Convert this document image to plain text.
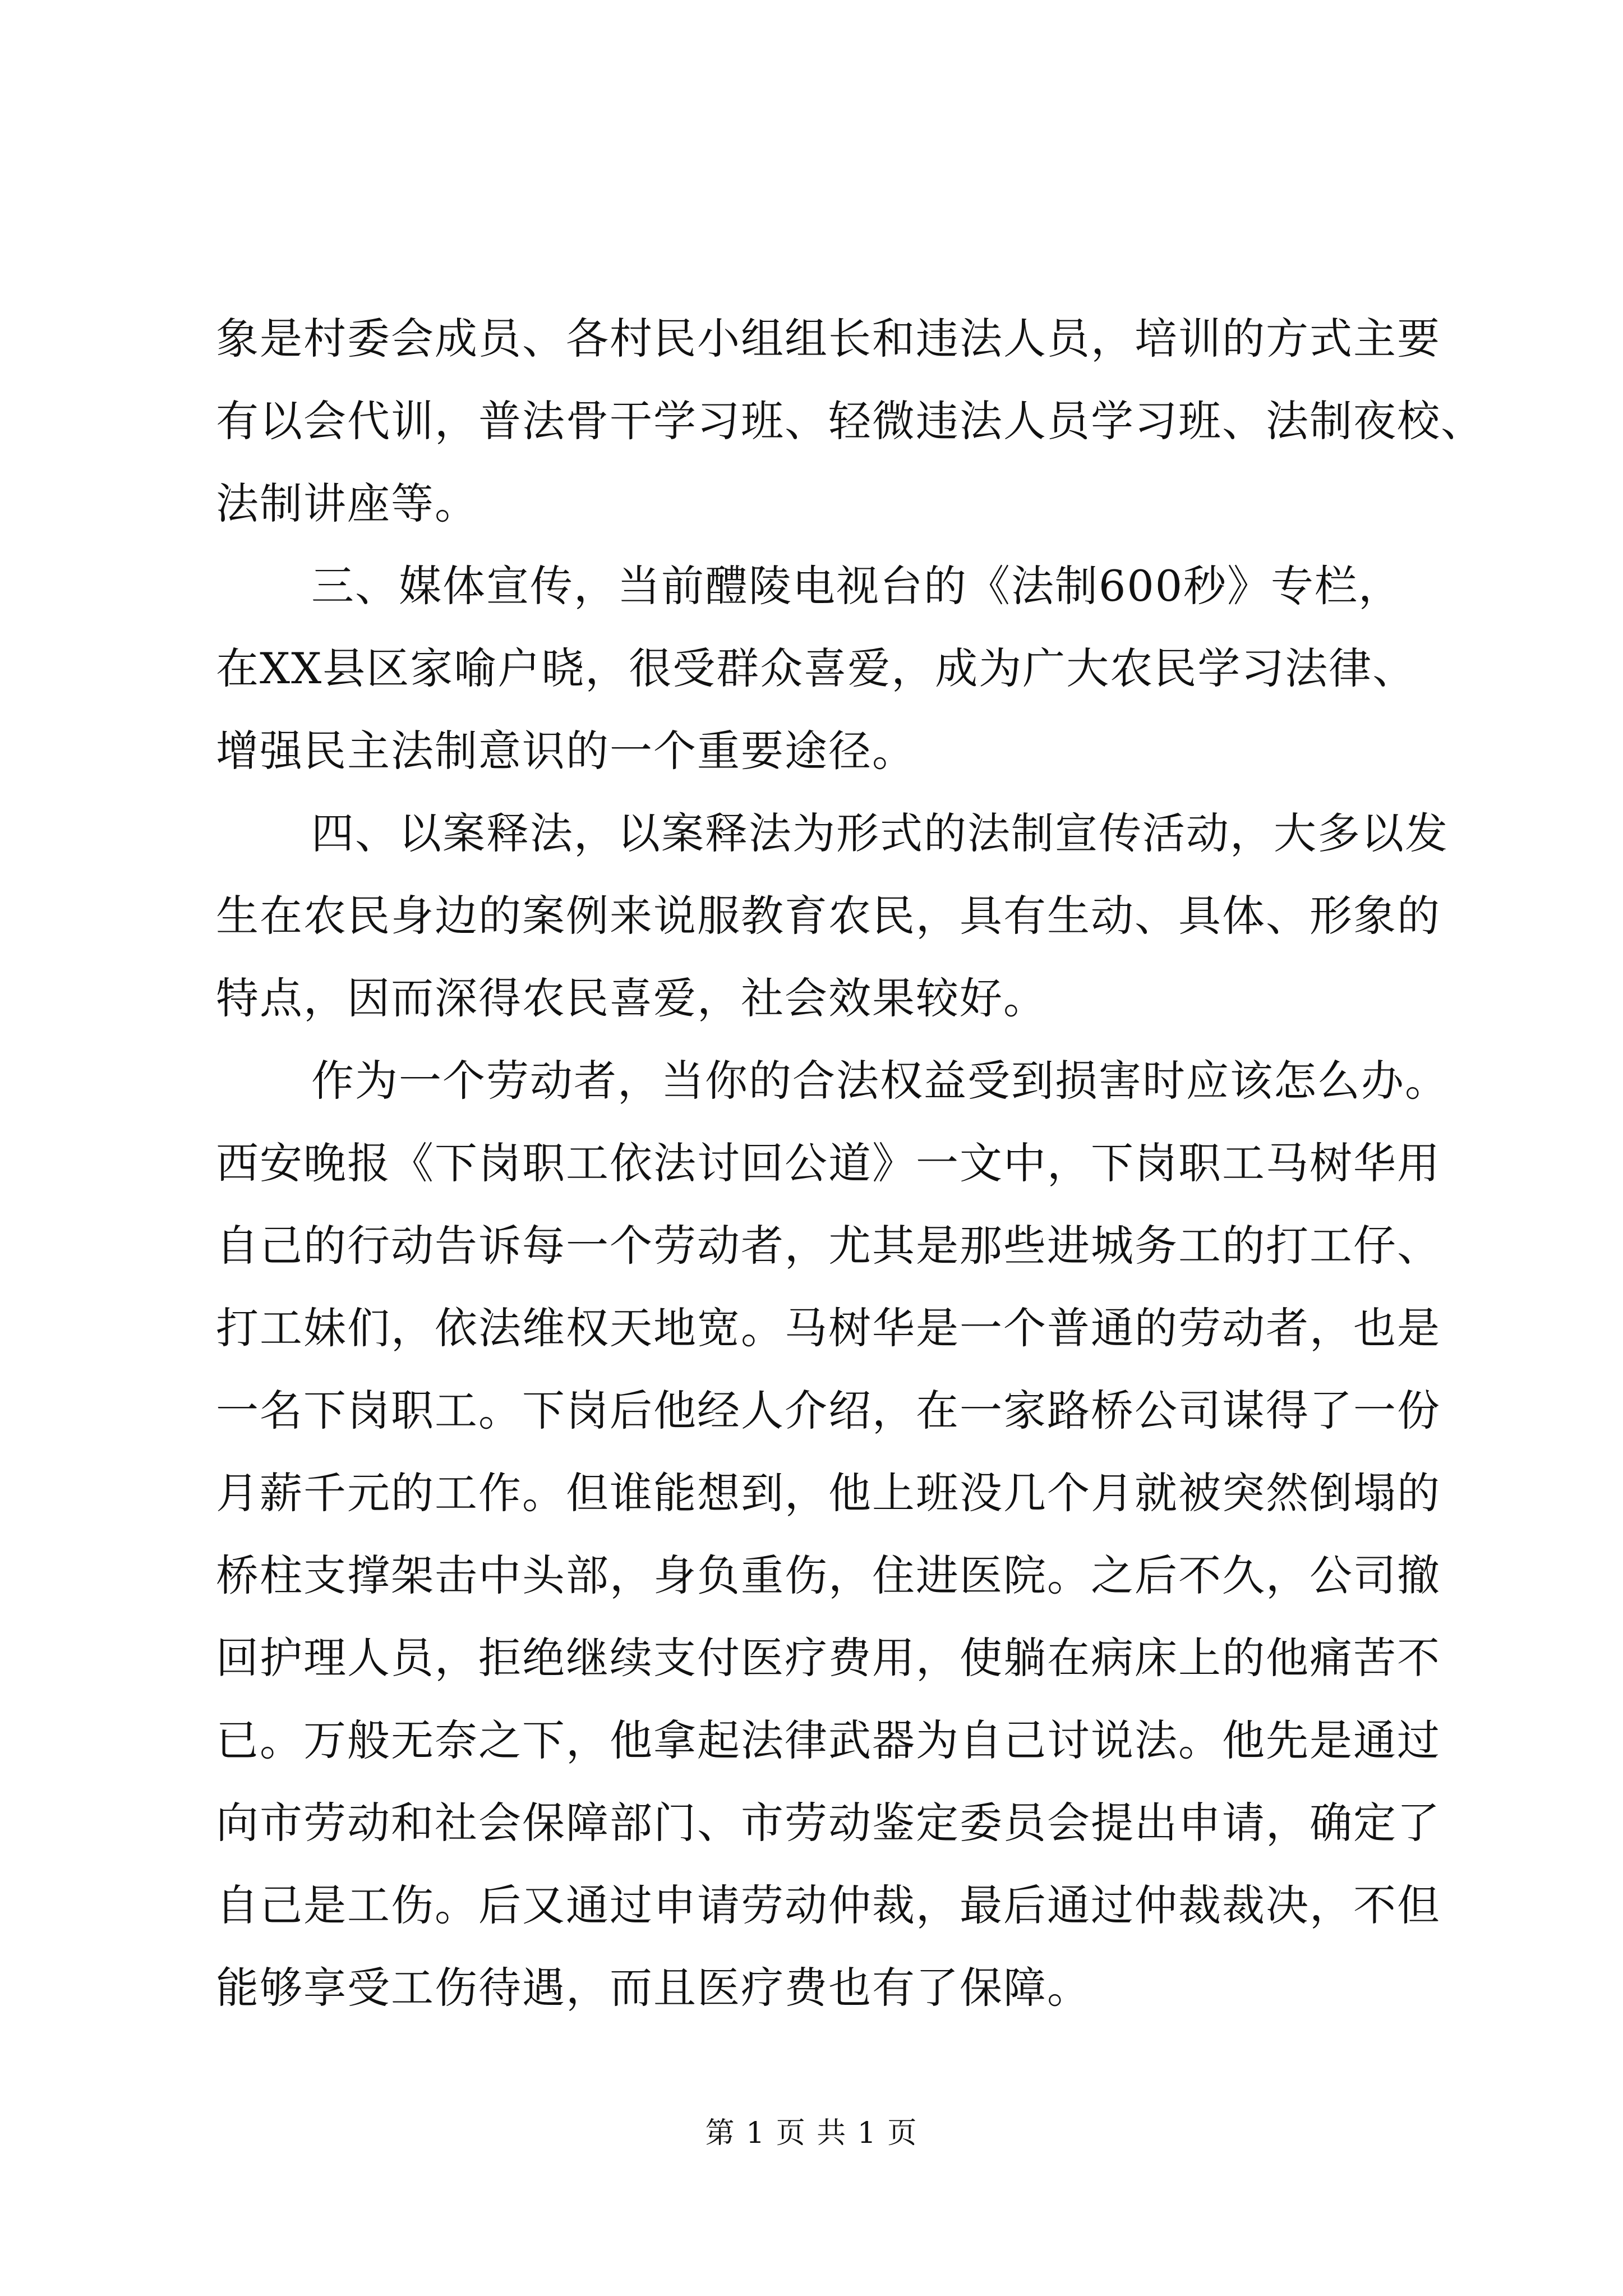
象是村委会成员、各村民小组组长和违法人员，培训的方式主要
有以会代训，普法骨干学习班、轻微违法人员学习班、法制夜校、
法制讲座等。
三、媒体宣传，当前醴陵电视台的《法制600秒》专栏，
在XX县区家喻户晓，很受群众喜爱，成为广大农民学习法律、
增强民主法制意识的一个重要途径。
四、以案释法，以案释法为形式的法制宣传活动，大多以发
生在农民身边的案例来说服教育农民，具有生动、具体、形象的
特点，因而深得农民喜爱，社会效果较好。
作为一个劳动者，当你的合法权益受到损害时应该怎么办。
西安晚报《下岗职工依法讨回公道》一文中，下岗职工马树华用
自己的行动告诉每一个劳动者，尤其是那些进城务工的打工仔、
打工妹们，依法维权天地宽。马树华是一个普通的劳动者，也是
一名下岗职工。下岗后他经人介绍，在一家路桥公司谋得了一份
月薪千元的工作。但谁能想到，他上班没几个月就被突然倒塌的
桥柱支撑架击中头部，身负重伤，住进医院。之后不久，公司撤
回护理人员，拒绝继续支付医疗费用，使躺在病床上的他痛苦不
已。万般无奈之下，他拿起法律武器为自己讨说法。他先是通过
向市劳动和社会保障部门、市劳动鉴定委员会提出申请，确定了
自己是工伤。后又通过申请劳动仲裁，最后通过仲裁裁决，不但
能够享受工伤待遇，而且医疗费也有了保障。
第 1 页 共 1 页
